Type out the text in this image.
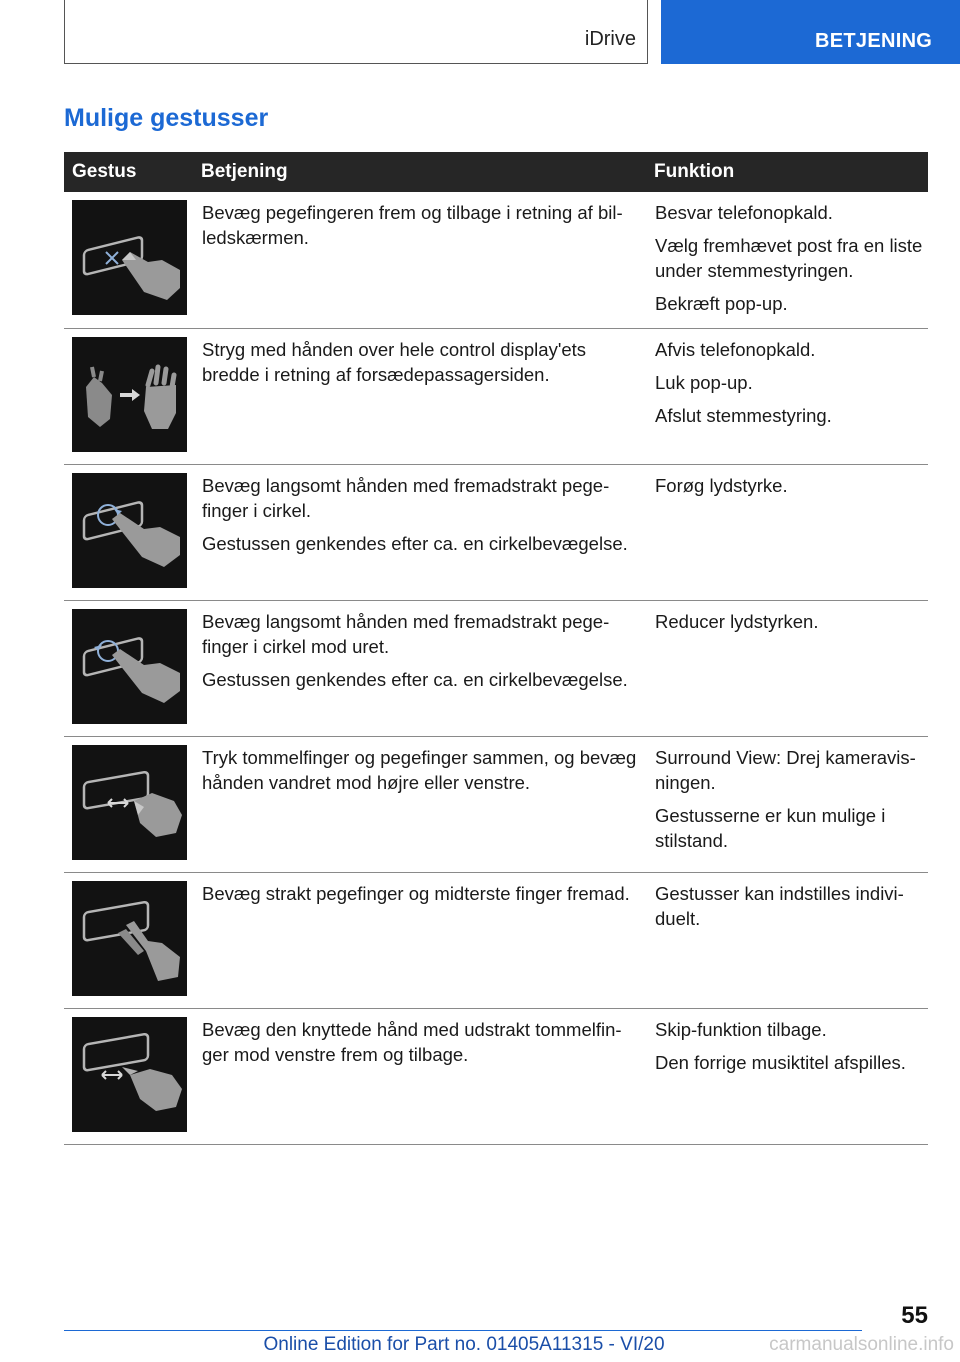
iDrive	BETJENING
Mulige gestusser
Gestus	Betjening	Funktion

Bevæg pegefingeren frem og tilbage i retning af billedskærmen.	Besvar telefonopkald.

Vælg fremhævet post fra en liste under stemmestyringen.

Bekræft pop-up.

Stryg med hånden over hele control display'ets bredde i retning af forsædepassagersiden.	Afvis telefonopkald.

Luk pop-up.

Afslut stemmestyring.

Bevæg langsomt hånden med fremadstrakt pegefinger i cirkel.

Gestussen genkendes efter ca. en cirkelbevægelse.	Forøg lydstyrke.

Bevæg langsomt hånden med fremadstrakt pegefinger i cirkel mod uret.

Gestussen genkendes efter ca. en cirkelbevægelse.	Reducer lydstyrken.

Tryk tommelfinger og pegefinger sammen, og bevæg hånden vandret mod højre eller venstre.	Surround View: Drej kameravisningen.

Gestusserne er kun mulige i stilstand.

Bevæg strakt pegefinger og midterste finger fremad.	Gestusser kan indstilles individuelt.

Bevæg den knyttede hånd med udstrakt tommelfinger mod venstre frem og tilbage.	Skip-funktion tilbage.

Den forrige musiktitel afspilles.

55
Online Edition for Part no. 01405A11315 - VI/20	carmanualsonline.info
